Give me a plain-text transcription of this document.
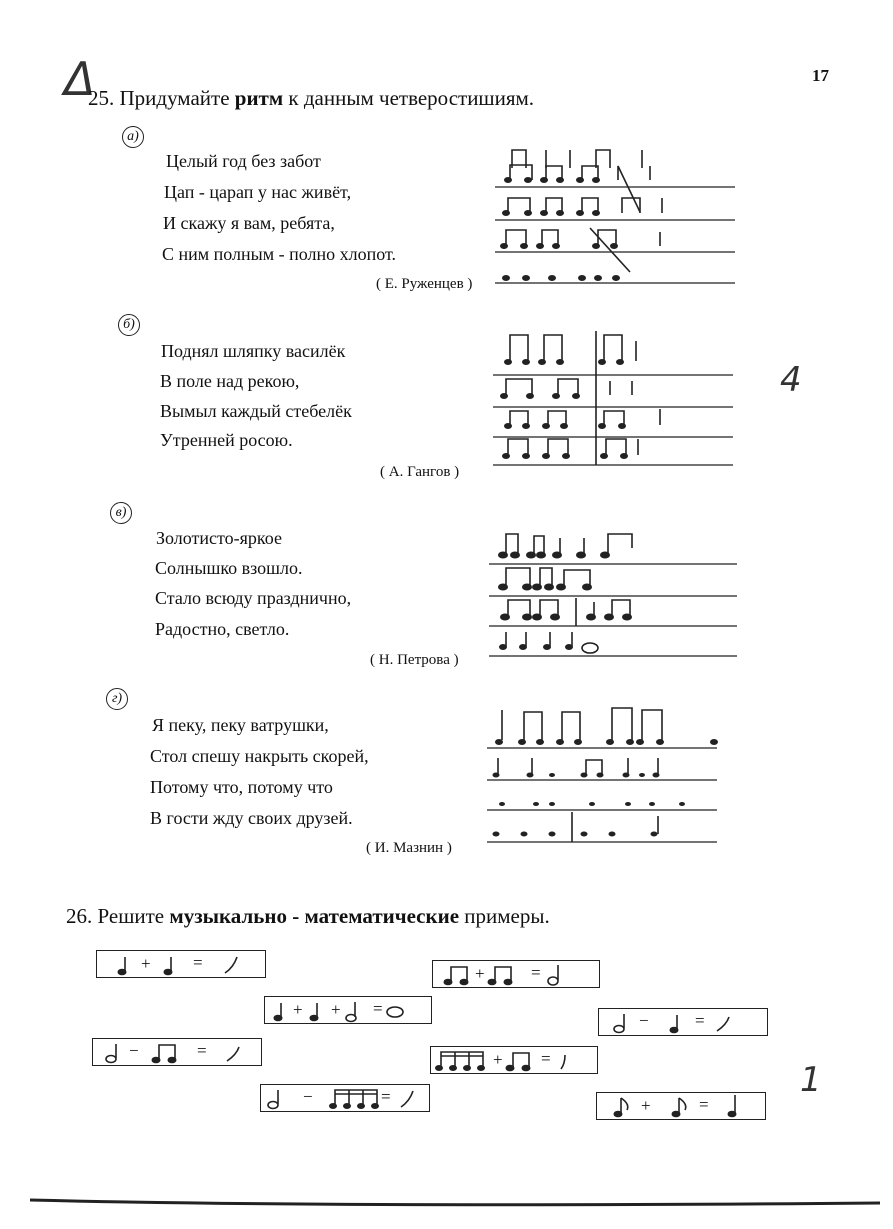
17
Δ
4
1
25. Придумайте ритм к данным четверостишиям.
а)
Целый год без забот
Цап - царап у нас живёт,
И скажу я вам, ребята,
С ним полным - полно хлопот.
( Е. Руженцев )
б)
Поднял шляпку василёк
В поле над рекою,
Вымыл каждый стебелёк
Утренней росою.
( А. Гангов )
в)
Золотисто-яркое
Солнышко взошло.
Стало всюду празднично,
Радостно, светло.
( Н. Петрова )
г)
Я пеку, пеку ватрушки,
Стол спешу накрыть скорей,
Потому что, потому что
В гости жду своих друзей.
( И. Мазнин )
26. Решите музыкально - математические примеры.
+ =
+	=
+ + =
−	=
−	=	+ =
−	=	+	=
